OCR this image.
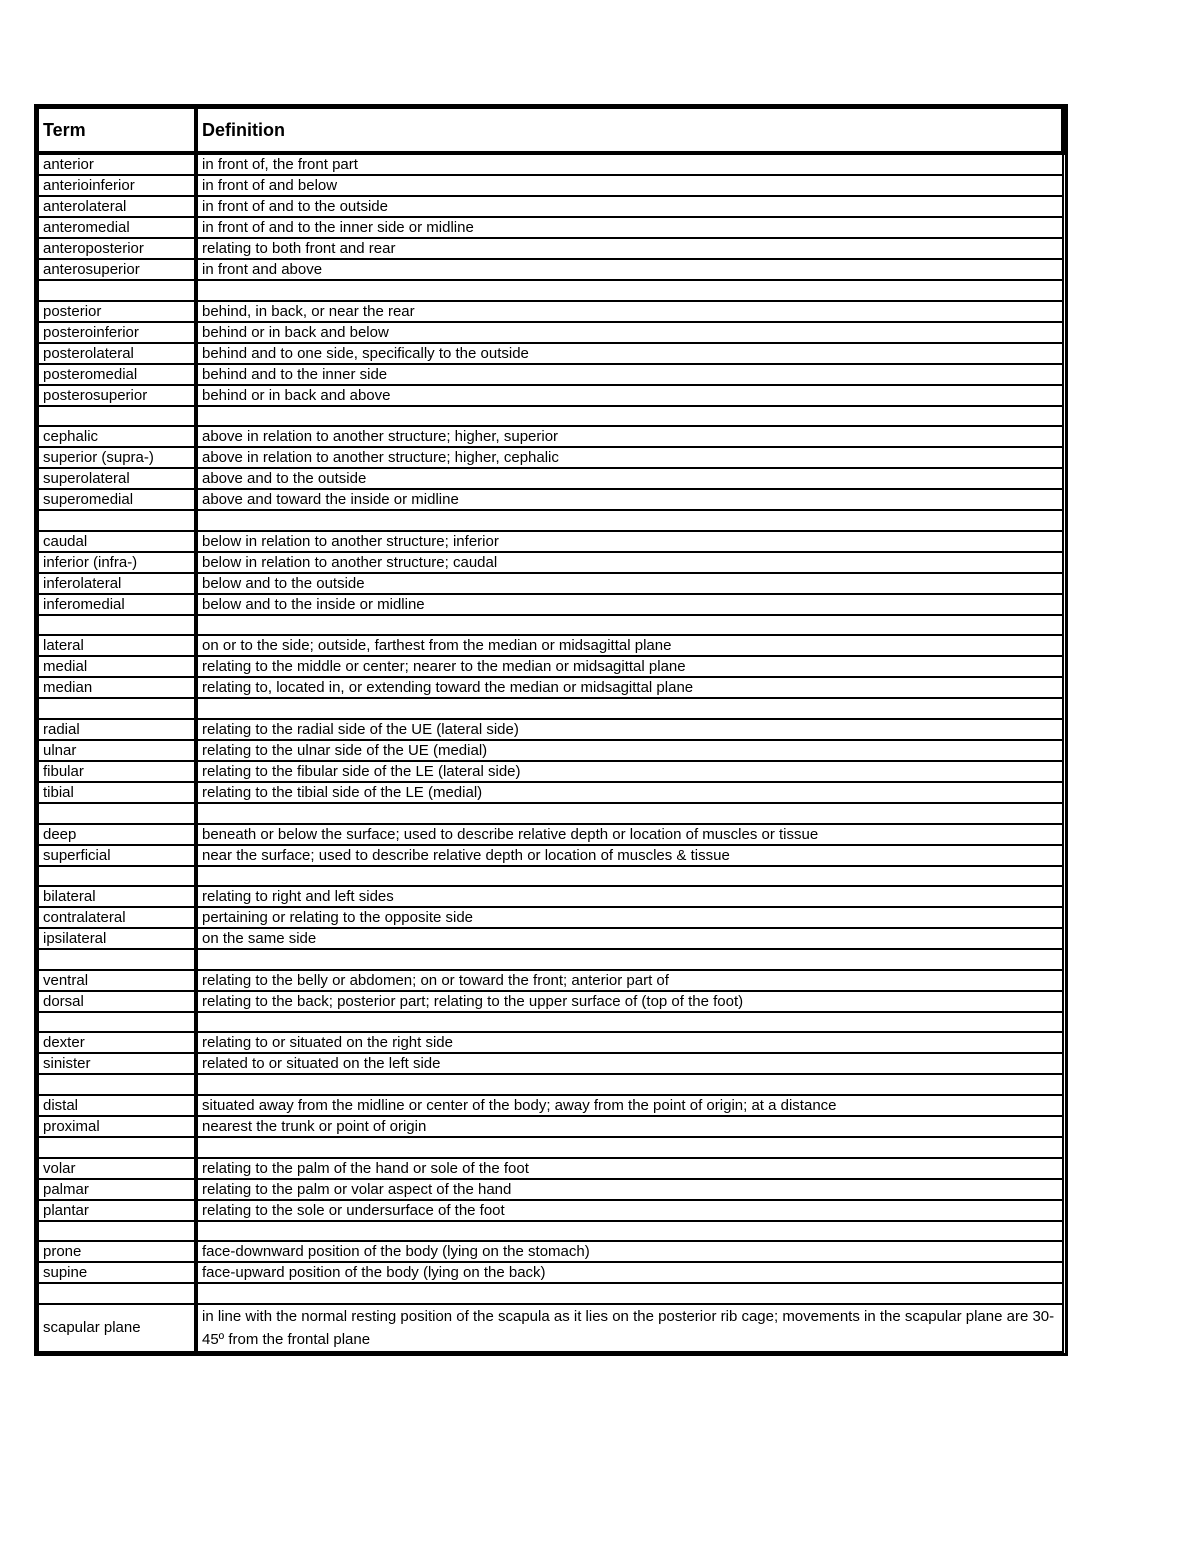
Term	Definition
anterior	in front of, the front part
anterioinferior	in front of and below
anterolateral	in front of and to the outside
anteromedial	in front of and to the inner side or midline
anteroposterior	relating to both front and rear
anterosuperior	in front and above

posterior	behind, in back, or near the rear
posteroinferior	behind or in back and below
posterolateral	behind and to one side, specifically to the outside
posteromedial	behind and to the inner side
posterosuperior	behind or in back and above

cephalic	above in relation to another structure; higher, superior
superior (supra-)	above in relation to another structure; higher, cephalic
superolateral	above and to the outside
superomedial	above and toward the inside or midline

caudal	below in relation to another structure; inferior
inferior (infra-)	below in relation to another structure; caudal
inferolateral	below and to the outside
inferomedial	below and to the inside or midline

lateral	on or to the side; outside, farthest from the median or midsagittal plane
medial	relating to the middle or center; nearer to the median or midsagittal plane
median	relating to, located in, or extending toward the median or midsagittal plane

radial	relating to the radial side of the UE (lateral side)
ulnar	relating to the ulnar side of the UE (medial)
fibular	relating to the fibular side of the LE (lateral side)
tibial	relating to the tibial side of the LE (medial)

deep	beneath or below the surface; used to describe relative depth or location of muscles or tissue
superficial	near the surface; used to describe relative depth or location of muscles & tissue

bilateral	relating to right and left sides
contralateral	pertaining or relating to the opposite side
ipsilateral	on the same side

ventral	relating to the belly or abdomen; on or toward the front; anterior part of
dorsal	relating to the back; posterior part; relating to the upper surface of (top of the foot)

dexter	relating to or situated on the right side
sinister	related to or situated on the left side

distal	situated away from the midline or center of the body; away from the point of origin; at a distance
proximal	nearest the trunk or point of origin

volar	relating to the palm of the hand or sole of the foot
palmar	relating to the palm or volar aspect of the hand
plantar	relating to the sole or undersurface of the foot

prone	face-downward position of the body (lying on the stomach)
supine	face-upward position of the body (lying on the back)

scapular plane	in line with the normal resting position of the scapula as it lies on the posterior rib cage; movements in the scapular plane are 30-45º from the frontal plane
